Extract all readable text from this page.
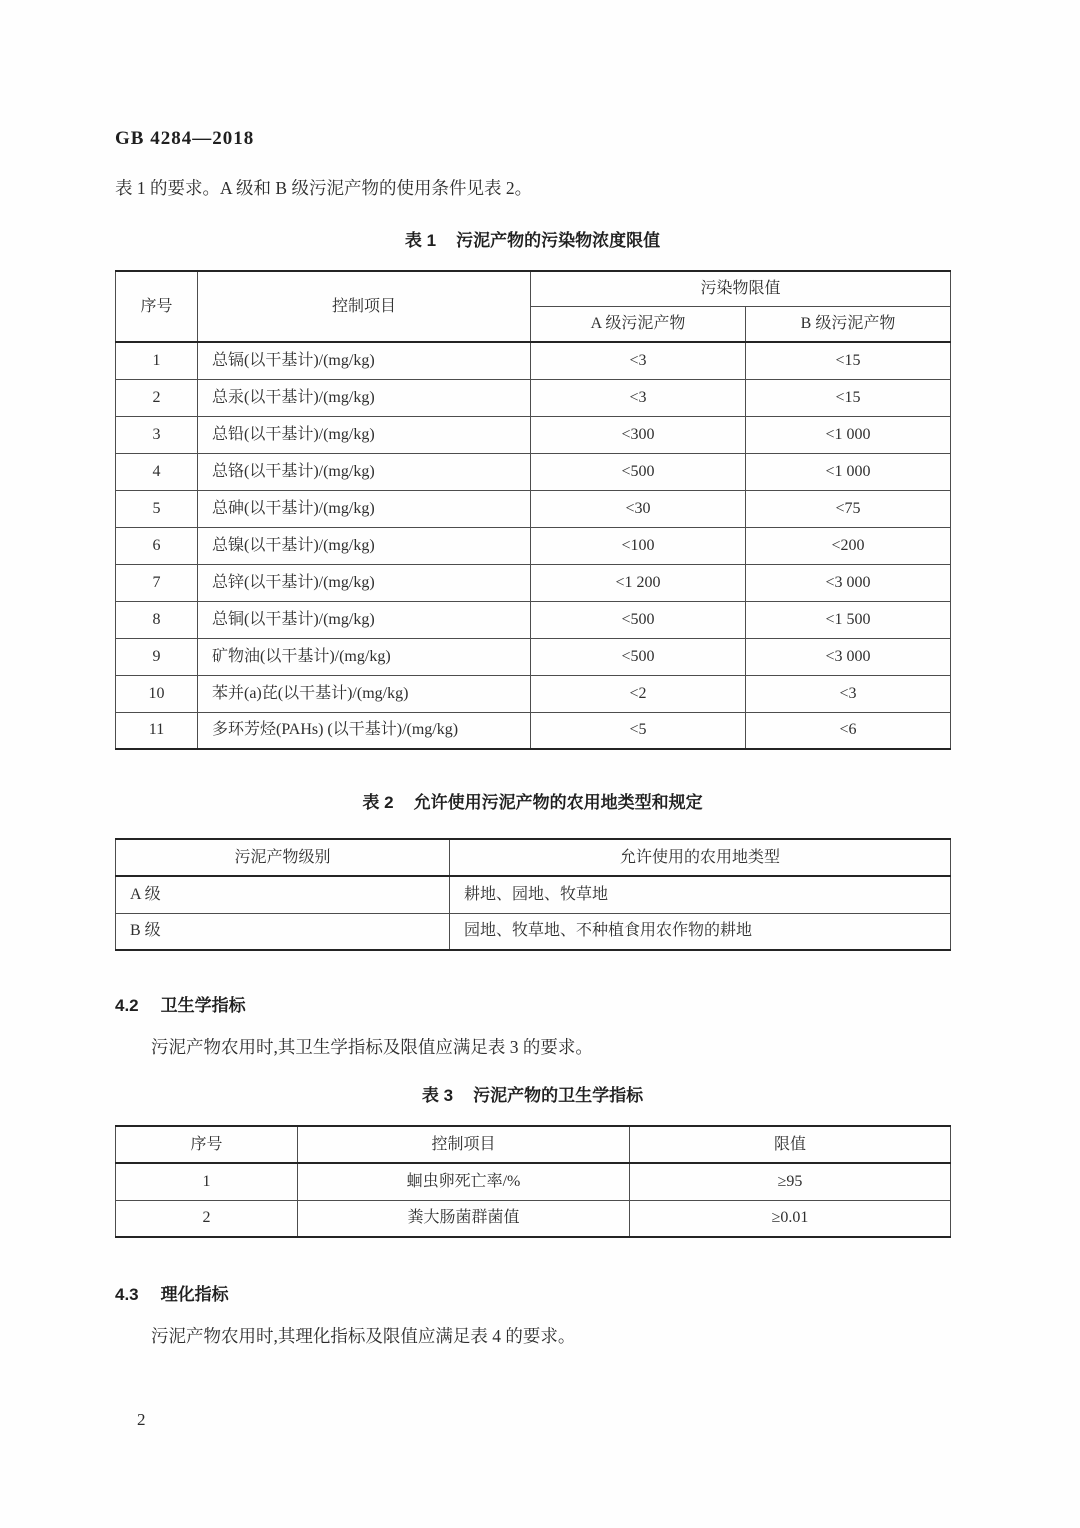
GB 4284—2018

表 1 的要求。A 级和 B 级污泥产物的使用条件见表 2。

表 1 污泥产物的污染物浓度限值
序号	控制项目	污染物限值	
		A 级污泥产物	B 级污泥产物
1	总镉(以干基计)/(mg/kg)	<3	<15
2	总汞(以干基计)/(mg/kg)	<3	<15
3	总铅(以干基计)/(mg/kg)	<300	<1 000
4	总铬(以干基计)/(mg/kg)	<500	<1 000
5	总砷(以干基计)/(mg/kg)	<30	<75
6	总镍(以干基计)/(mg/kg)	<100	<200
7	总锌(以干基计)/(mg/kg)	<1 200	<3 000
8	总铜(以干基计)/(mg/kg)	<500	<1 500
9	矿物油(以干基计)/(mg/kg)	<500	<3 000
10	苯并(a)芘(以干基计)/(mg/kg)	<2	<3
11	多环芳烃(PAHs) (以干基计)/(mg/kg)	<5	<6
表 2 允许使用污泥产物的农用地类型和规定
污泥产物级别	允许使用的农用地类型
A 级	耕地、园地、牧草地
B 级	园地、牧草地、不种植食用农作物的耕地
4.2 卫生学指标

污泥产物农用时,其卫生学指标及限值应满足表 3 的要求。

表 3 污泥产物的卫生学指标
序号	控制项目	限值
1	蛔虫卵死亡率/%	≥95
2	粪大肠菌群菌值	≥0.01
4.3 理化指标

污泥产物农用时,其理化指标及限值应满足表 4 的要求。

2
